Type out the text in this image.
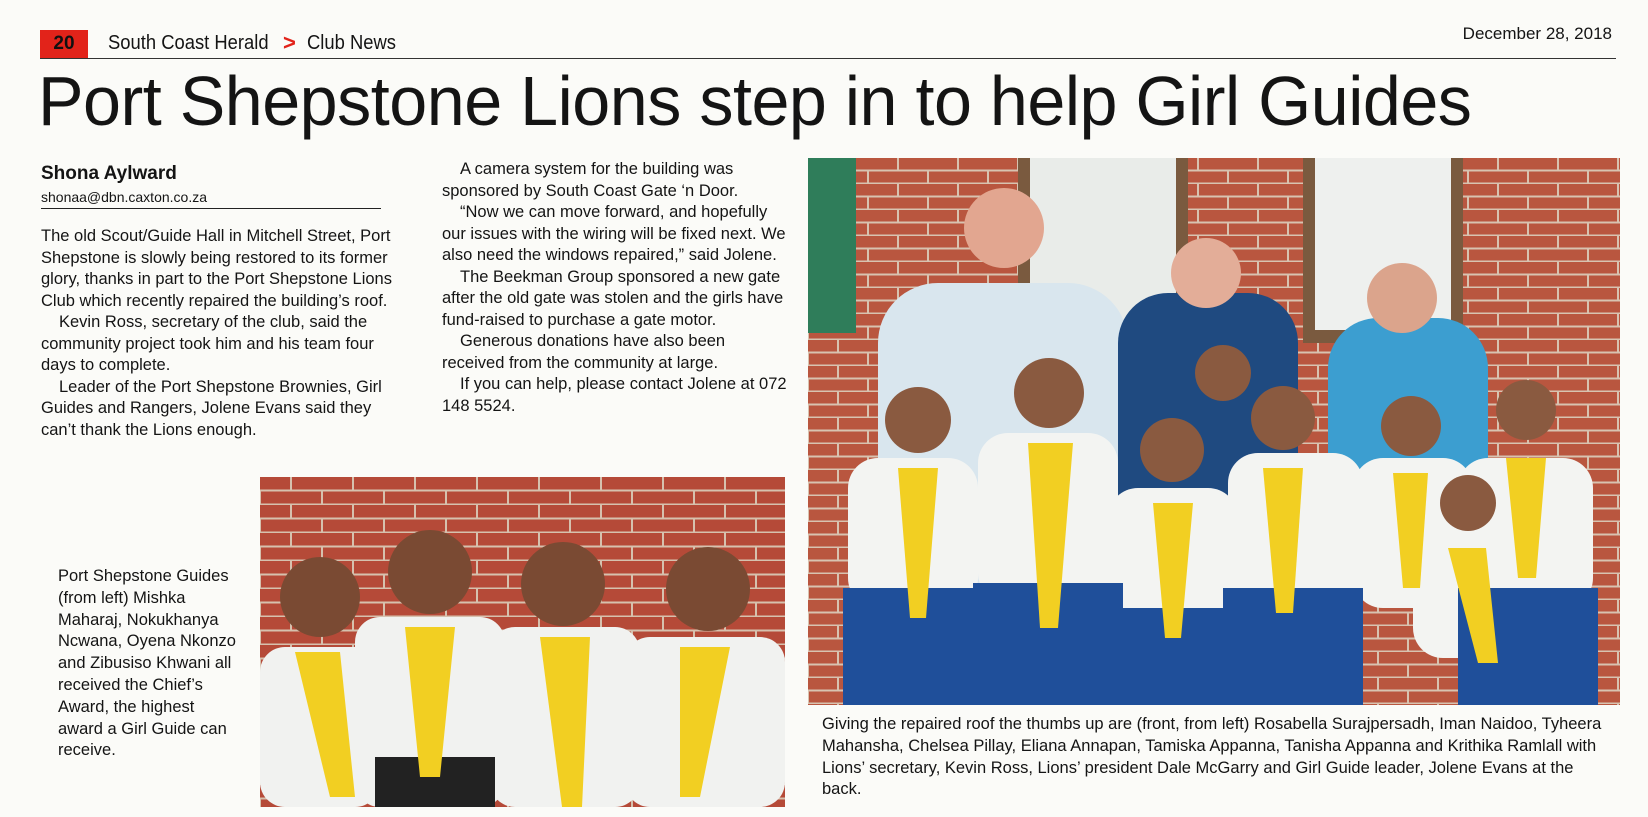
20	South Coast Herald > Club News	December 28, 2018
Port Shepstone Lions step in to help Girl Guides
Shona Aylward
shonaa@dbn.caxton.co.za

The old Scout/Guide Hall in Mitchell Street, Port Shepstone is slowly being restored to its former glory, thanks in part to the Port Shepstone Lions Club which recently repaired the building’s roof.

Kevin Ross, secretary of the club, said the community project took him and his team four days to complete.

Leader of the Port Shepstone Brownies, Girl Guides and Rangers, Jolene Evans said they can’t thank the Lions enough.

A camera system for the building was sponsored by South Coast Gate ‘n Door.

“Now we can move forward, and hopefully our issues with the wiring will be fixed next. We also need the windows repaired,” said Jolene.

The Beekman Group sponsored a new gate after the old gate was stolen and the girls have fund-raised to purchase a gate motor.

Generous donations have also been received from the community at large.

If you can help, please contact Jolene at 072 148 5524.

Port Shepstone Guides (from left) Mishka Maharaj, Nokukhanya Ncwana, Oyena Nkonzo and Zibusiso Khwani all received the Chief’s Award, the highest award a Girl Guide can receive.
Giving the repaired roof the thumbs up are (front, from left) Rosabella Surajpersadh, Iman Naidoo, Tyheera Mahansha, Chelsea Pillay, Eliana Annapan, Tamiska Appanna, Tanisha Appanna and Krithika Ramlall with Lions’ secretary, Kevin Ross, Lions’ president Dale McGarry and Girl Guide leader, Jolene Evans at the back.
